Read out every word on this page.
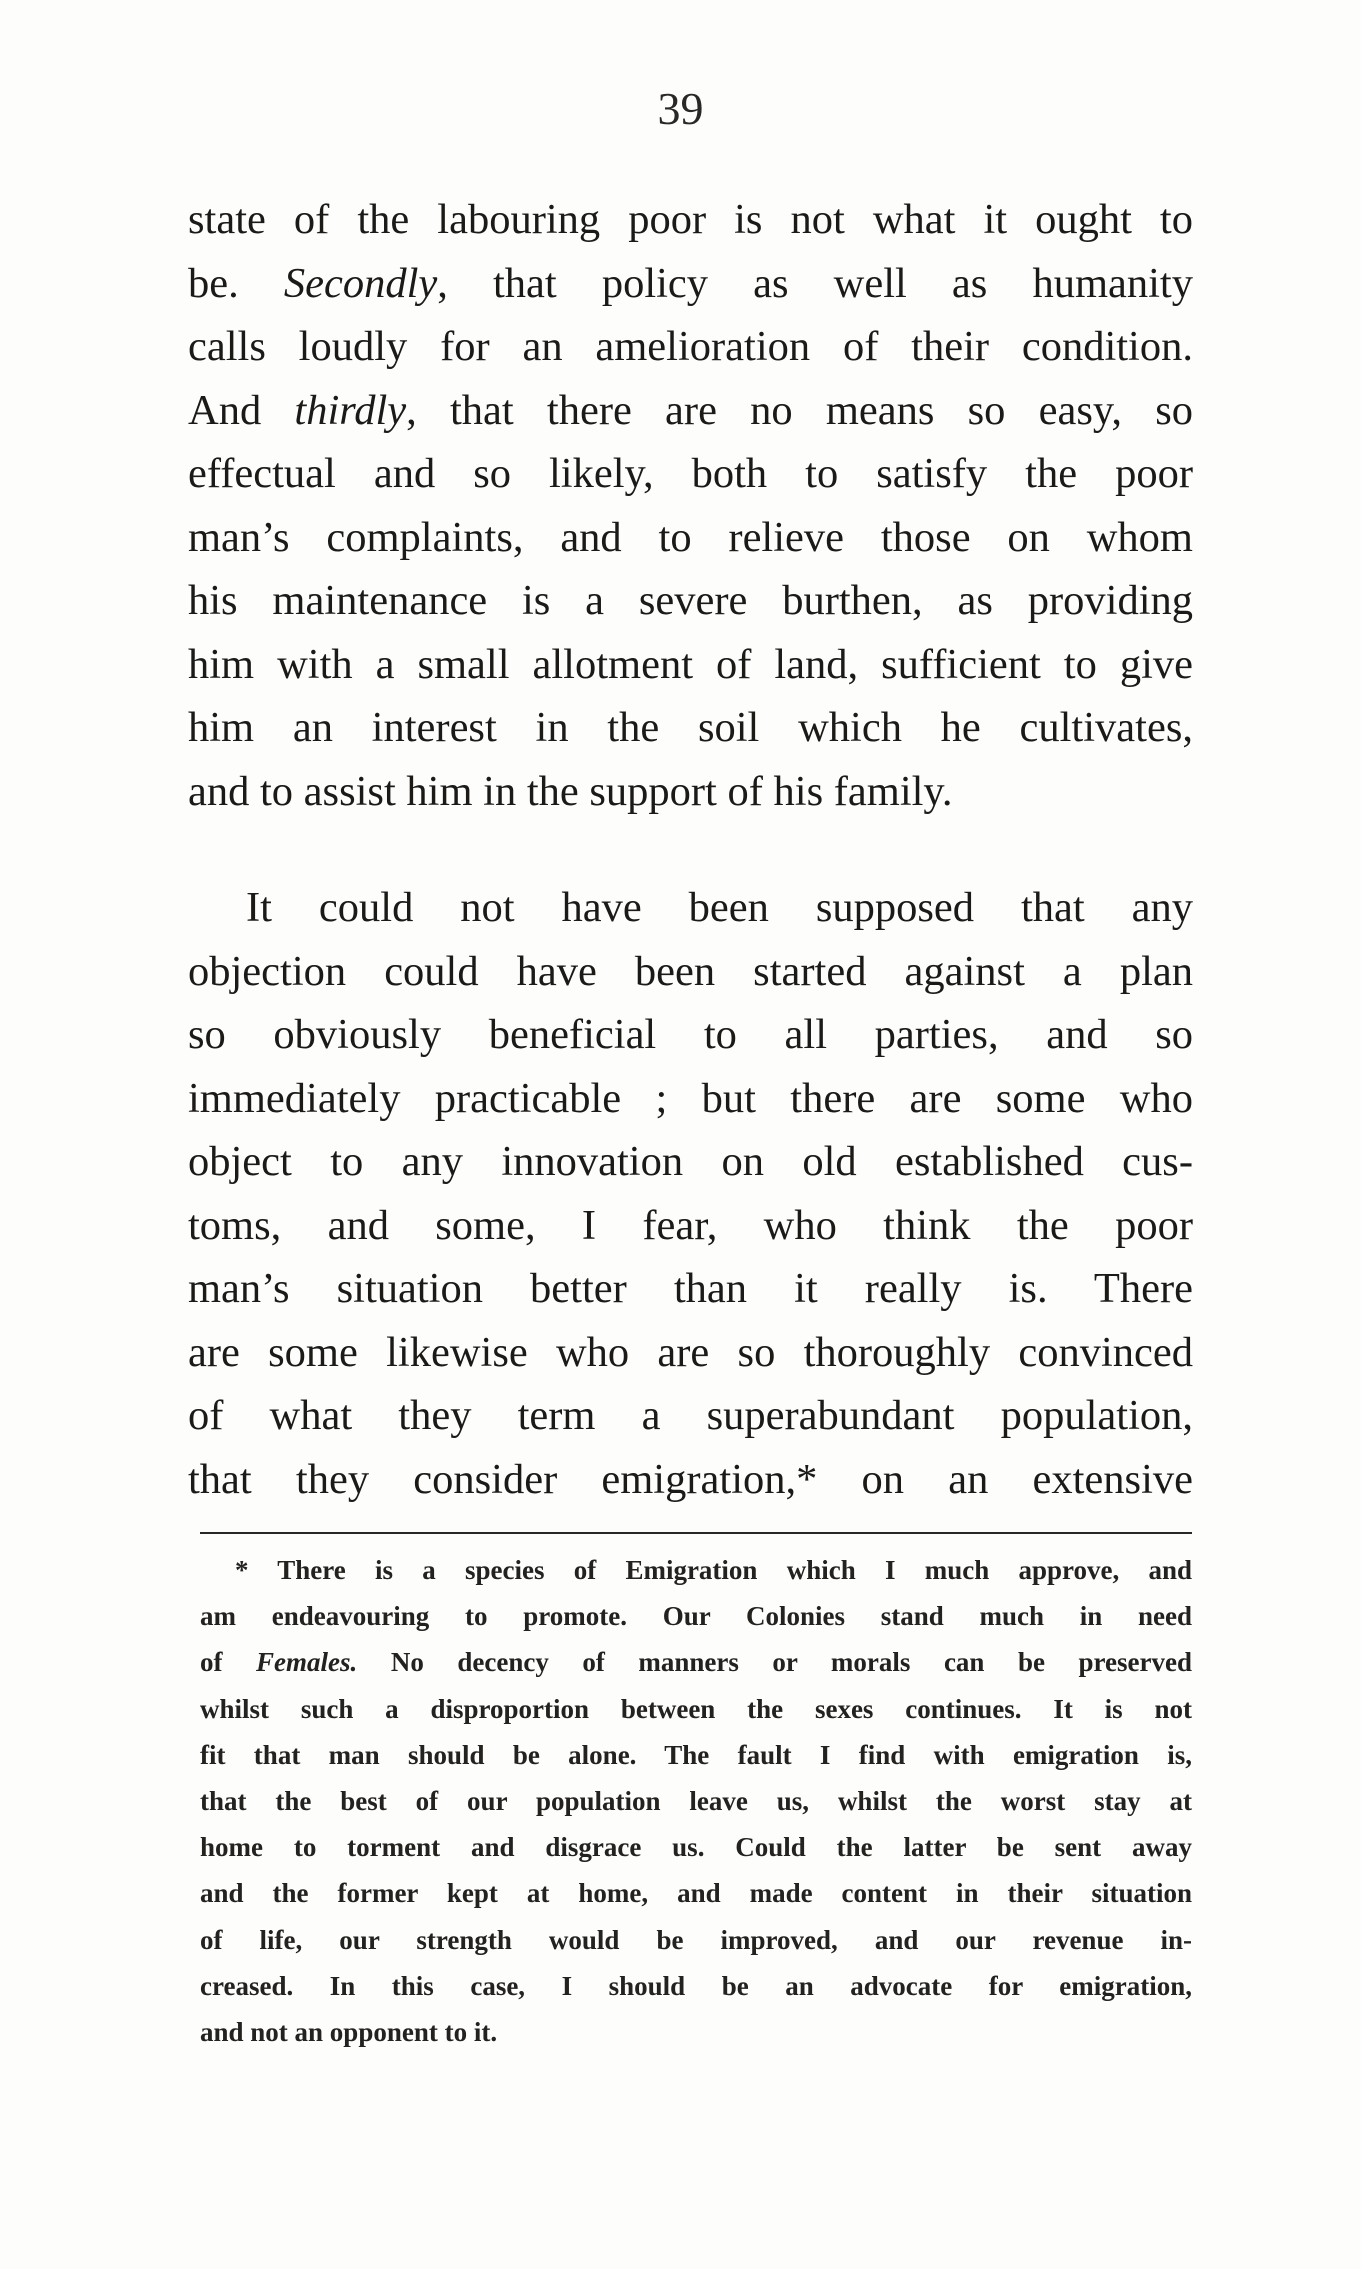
39
state of the labouring poor is not what it ought to
be. Secondly, that policy as well as humanity
calls loudly for an amelioration of their condition.
And thirdly, that there are no means so easy, so
effectual and so likely, both to satisfy the poor
man’s complaints, and to relieve those on whom
his maintenance is a severe burthen, as providing
him with a small allotment of land, sufficient to give
him an interest in the soil which he cultivates,
and to assist him in the support of his family.
It could not have been supposed that any
objection could have been started against a plan
so obviously beneficial to all parties, and so
immediately practicable ; but there are some who
object to any innovation on old established cus-
toms, and some, I fear, who think the poor
man’s situation better than it really is. There
are some likewise who are so thoroughly convinced
of what they term a superabundant population,
that they consider emigration,* on an extensive
* There is a species of Emigration which I much approve, and
am endeavouring to promote. Our Colonies stand much in need
of Females. No decency of manners or morals can be preserved
whilst such a disproportion between the sexes continues. It is not
fit that man should be alone. The fault I find with emigration is,
that the best of our population leave us, whilst the worst stay at
home to torment and disgrace us. Could the latter be sent away
and the former kept at home, and made content in their situation
of life, our strength would be improved, and our revenue in-
creased. In this case, I should be an advocate for emigration,
and not an opponent to it.
